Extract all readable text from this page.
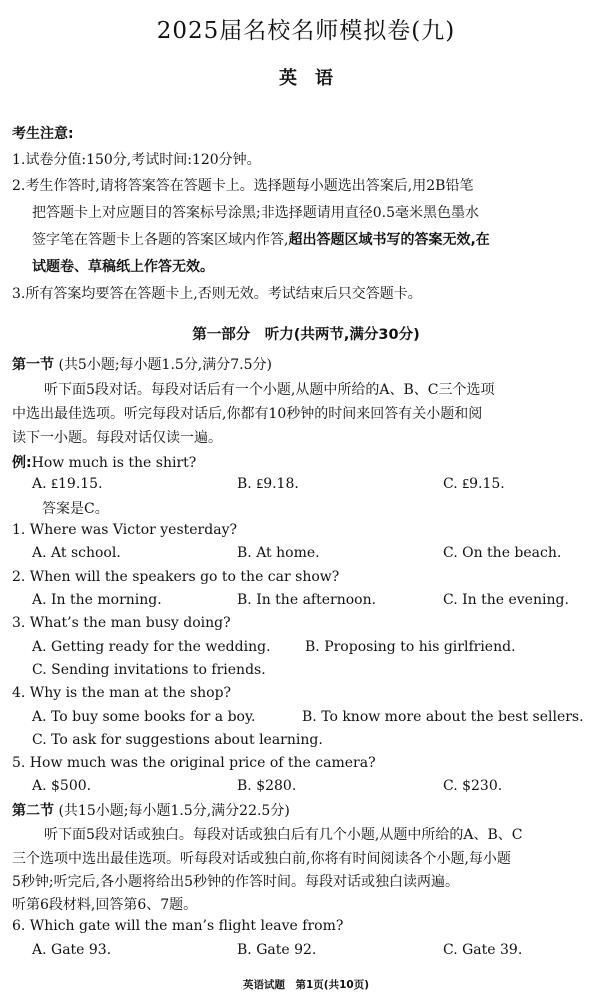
2025届名校名师模拟卷(九)
英　语
考生注意:
1.试卷分值:150分,考试时间:120分钟。
2.考生作答时,请将答案答在答题卡上。选择题每小题选出答案后,用2B铅笔
把答题卡上对应题目的答案标号涂黑;非选择题请用直径0.5毫米黑色墨水
签字笔在答题卡上各题的答案区域内作答,超出答题区域书写的答案无效,在
试题卷、草稿纸上作答无效。
3.所有答案均要答在答题卡上,否则无效。考试结束后只交答题卡。
第一部分　听力(共两节,满分30分)
第一节 (共5小题;每小题1.5分,满分7.5分)
听下面5段对话。每段对话后有一个小题,从题中所给的A、B、C三个选项
中选出最佳选项。听完每段对话后,你都有10秒钟的时间来回答有关小题和阅
读下一小题。每段对话仅读一遍。
例:How much is the shirt?
A. ₤19.15.	B. ₤9.18.	C. ₤9.15.
答案是C。
1. Where was Victor yesterday?
A. At school.	B. At home.	C. On the beach.
2. When will the speakers go to the car show?
A. In the morning.	B. In the afternoon.	C. In the evening.
3. What’s the man busy doing?
A. Getting ready for the wedding. B. Proposing to his girlfriend.
C. Sending invitations to friends.
4. Why is the man at the shop?
A. To buy some books for a boy.	B. To know more about the best sellers.
C. To ask for suggestions about learning.
5. How much was the original price of the camera?
A. $500.	B. $280.	C. $230.
第二节 (共15小题;每小题1.5分,满分22.5分)
听下面5段对话或独白。每段对话或独白后有几个小题,从题中所给的A、B、C
三个选项中选出最佳选项。听每段对话或独白前,你将有时间阅读各个小题,每小题
5秒钟;听完后,各小题将给出5秒钟的作答时间。每段对话或独白读两遍。
听第6段材料,回答第6、7题。
6. Which gate will the man’s flight leave from?
A. Gate 93.	B. Gate 92.	C. Gate 39.
英语试题　第1页(共10页)
